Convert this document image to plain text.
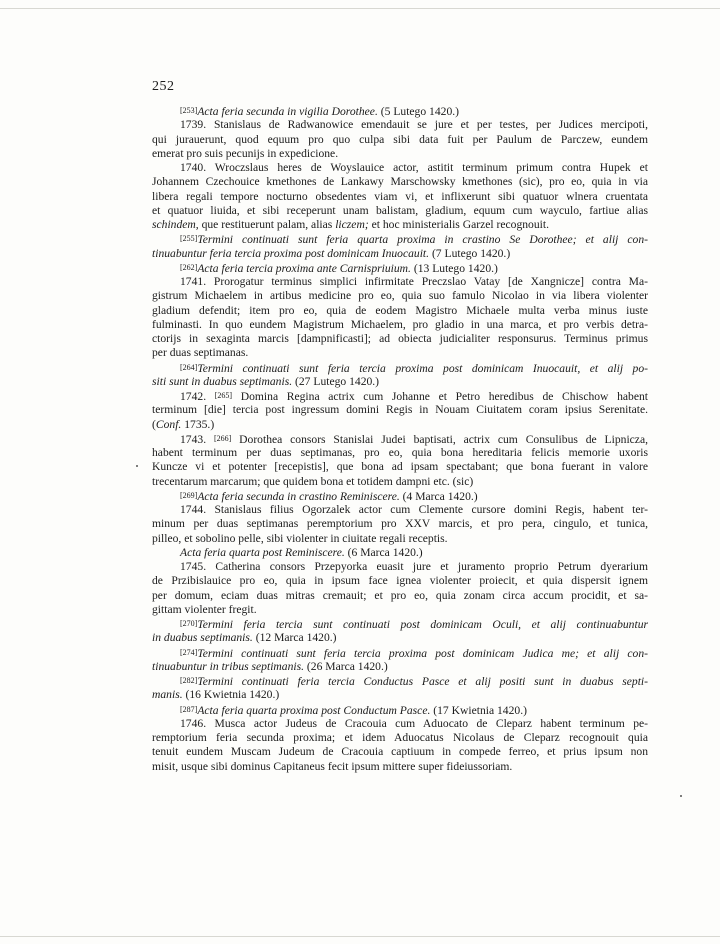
252
[253]Acta feria secunda in vigilia Dorothee. (5 Lutego 1420.)
1739. Stanislaus de Radwanowice emendauit se jure et per testes, per Judices mercipoti,
qui jurauerunt, quod equum pro quo culpa sibi data fuit per Paulum de Parczew, eundem
emerat pro suis pecunijs in expedicione.
1740. Wroczslaus heres de Woyslauice actor, astitit terminum primum contra Hupek et
Johannem Czechouice kmethones de Lankawy Marschowsky kmethones (sic), pro eo, quia in via
libera regali tempore nocturno obsedentes viam vi, et inflixerunt sibi quatuor wlnera cruentata
et quatuor liuida, et sibi receperunt unam balistam, gladium, equum cum wayculo, fartiue alias
schindem, que restituerunt palam, alias liczem; et hoc ministerialis Garzel recognouit.
[255]Termini continuati sunt feria quarta proxima in crastino Se Dorothee; et alij con-
tinuabuntur feria tercia proxima post dominicam Inuocauit. (7 Lutego 1420.)
[262]Acta feria tercia proxima ante Carnispriuium. (13 Lutego 1420.)
1741. Prorogatur terminus simplici infirmitate Preczslao Vatay [de Xangnicze] contra Ma-
gistrum Michaelem in artibus medicine pro eo, quia suo famulo Nicolao in via libera violenter
gladium defendit; item pro eo, quia de eodem Magistro Michaele multa verba minus iuste
fulminasti. In quo eundem Magistrum Michaelem, pro gladio in una marca, et pro verbis detra-
ctorijs in sexaginta marcis [dampnificasti]; ad obiecta judicialiter responsurus. Terminus primus
per duas septimanas.
[264]Termini continuati sunt feria tercia proxima post dominicam Inuocauit, et alij po-
siti sunt in duabus septimanis. (27 Lutego 1420.)
1742. [265] Domina Regina actrix cum Johanne et Petro heredibus de Chischow habent
terminum [die] tercia post ingressum domini Regis in Nouam Ciuitatem coram ipsius Serenitate.
(Conf. 1735.)
1743. [266] Dorothea consors Stanislai Judei baptisati, actrix cum Consulibus de Lipnicza,
habent terminum per duas septimanas, pro eo, quia bona hereditaria felicis memorie uxoris
Kuncze vi et potenter [recepistis], que bona ad ipsam spectabant; que bona fuerant in valore
trecentarum marcarum; que quidem bona et totidem dampni etc. (sic)
[269]Acta feria secunda in crastino Reminiscere. (4 Marca 1420.)
1744. Stanislaus filius Ogorzalek actor cum Clemente cursore domini Regis, habent ter-
minum per duas septimanas peremptorium pro XXV marcis, et pro pera, cingulo, et tunica,
pilleo, et sobolino pelle, sibi violenter in ciuitate regali receptis.
Acta feria quarta post Reminiscere. (6 Marca 1420.)
1745. Catherina consors Przepyorka euasit jure et juramento proprio Petrum dyerarium
de Przibislauice pro eo, quia in ipsum face ignea violenter proiecit, et quia dispersit ignem
per domum, eciam duas mitras cremauit; et pro eo, quia zonam circa accum procidit, et sa-
gittam violenter fregit.
[270]Termini feria tercia sunt continuati post dominicam Oculi, et alij continuabuntur
in duabus septimanis. (12 Marca 1420.)
[274]Termini continuati sunt feria tercia proxima post dominicam Judica me; et alij con-
tinuabuntur in tribus septimanis. (26 Marca 1420.)
[282]Termini continuati feria tercia Conductus Pasce et alij positi sunt in duabus septi-
manis. (16 Kwietnia 1420.)
[287]Acta feria quarta proxima post Conductum Pasce. (17 Kwietnia 1420.)
1746. Musca actor Judeus de Cracouia cum Aduocato de Cleparz habent terminum pe-
remptorium feria secunda proxima; et idem Aduocatus Nicolaus de Cleparz recognouit quia
tenuit eundem Muscam Judeum de Cracouia captiuum in compede ferreo, et prius ipsum non
misit, usque sibi dominus Capitaneus fecit ipsum mittere super fideiussoriam.
